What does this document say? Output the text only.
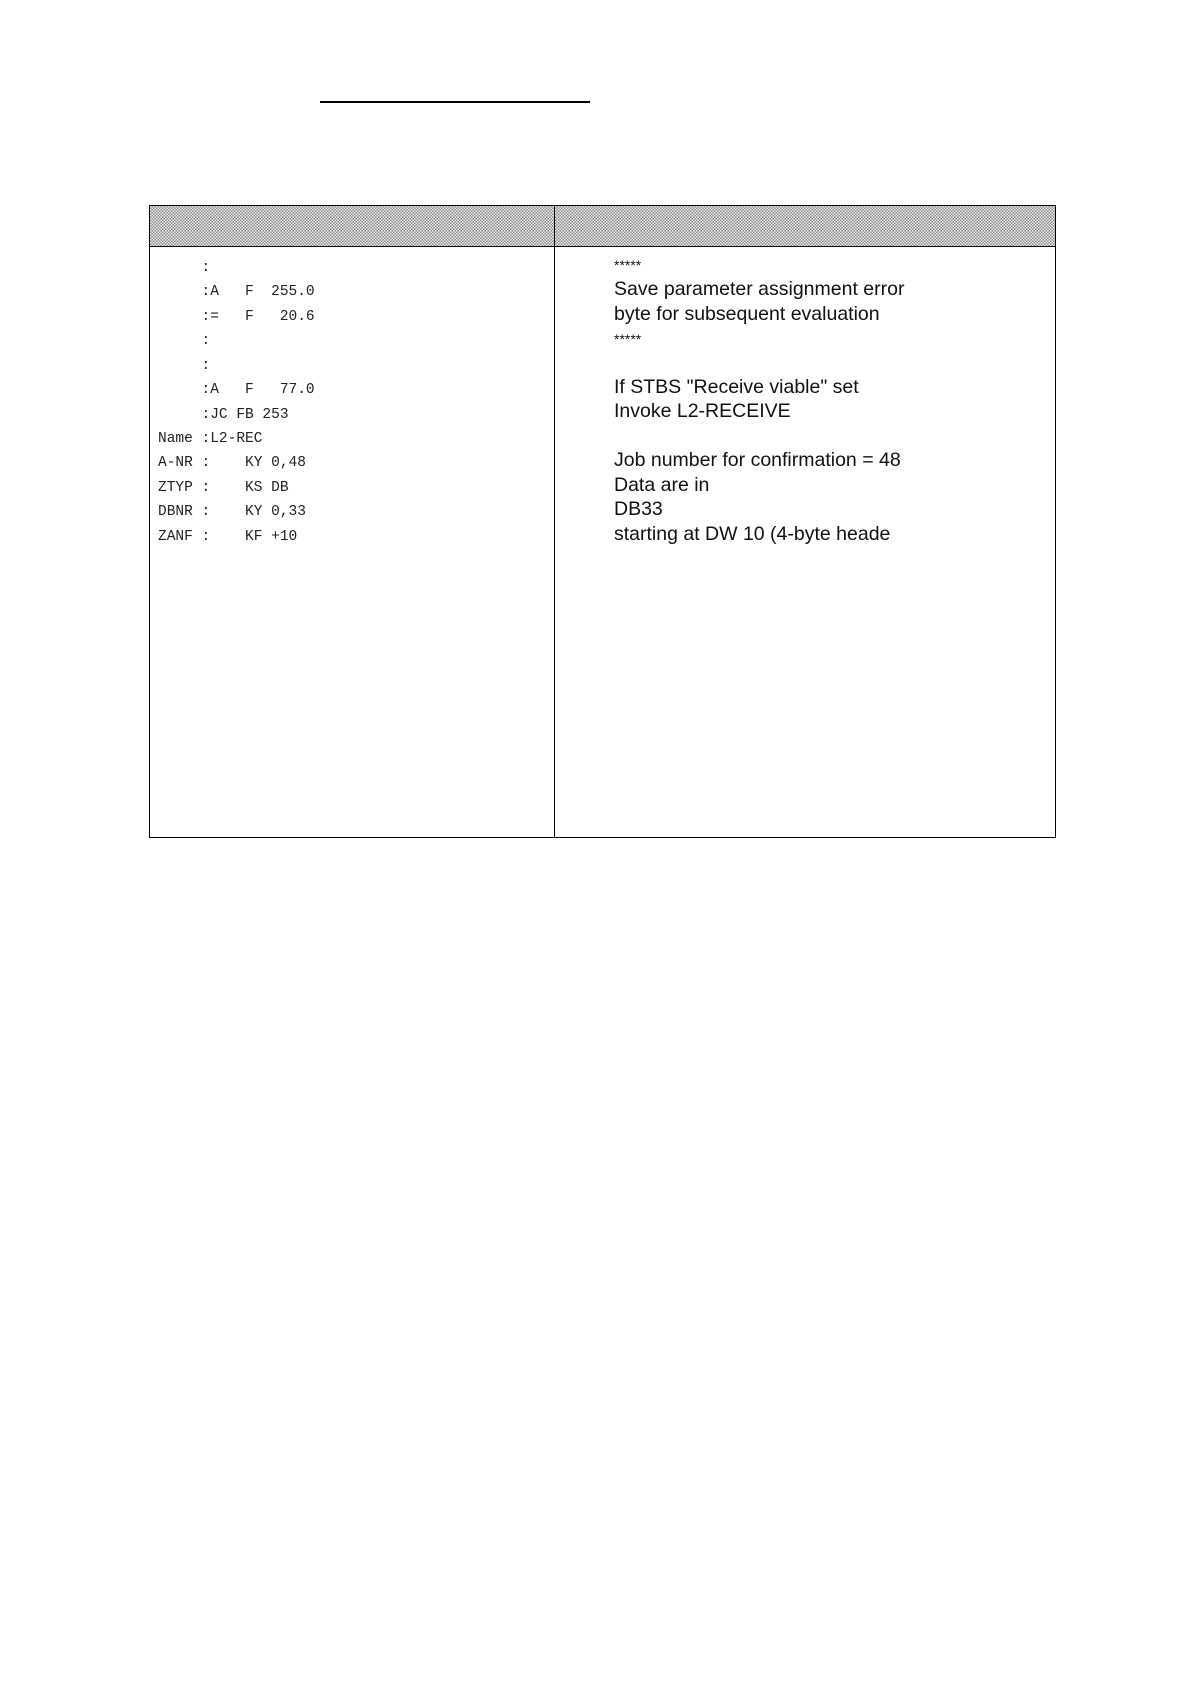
:
:A   F  255.0
:=   F   20.6
:
:
:A   F   77.0
:JC FB 253
Name :L2-REC
A-NR :    KY 0,48
ZTYP :    KS DB
DBNR :    KY 0,33
ZANF :    KF +10
*****
Save parameter assignment error
byte for subsequent evaluation
*****
If STBS "Receive viable" set
Invoke L2-RECEIVE
Job number for confirmation = 48
Data are in
DB33
starting at DW 10 (4-byte heade
